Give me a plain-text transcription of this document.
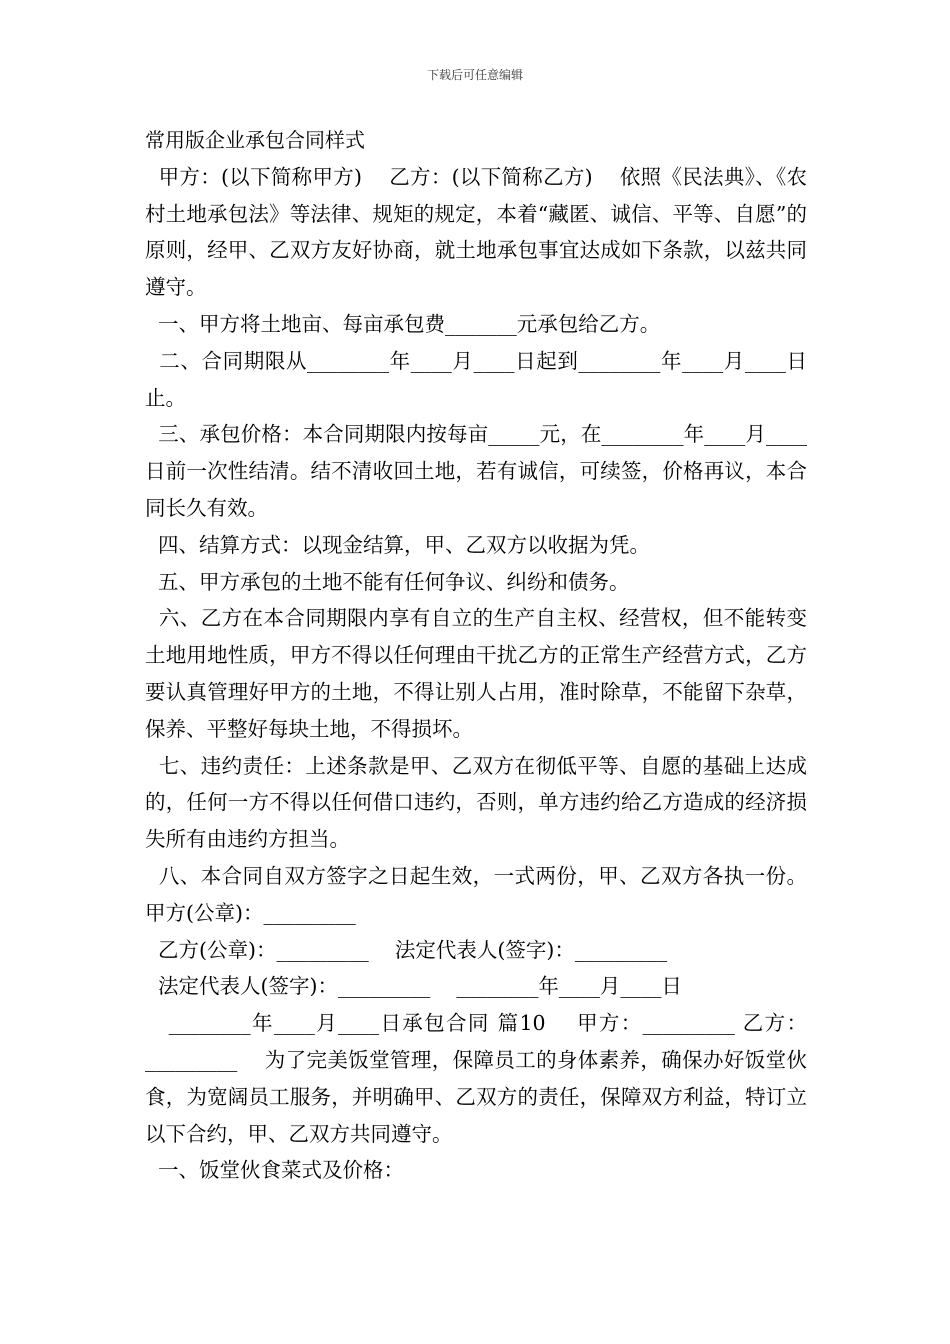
下载后可任意编辑

常用版企业承包合同样式

甲方：(以下简称甲方)    乙方：(以下简称乙方)    依照《民法典》、《农村土地承包法》等法律、规矩的规定，本着“藏匿、诚信、平等、自愿”的原则，经甲、乙双方友好协商，就土地承包事宜达成如下条款，以兹共同遵守。

一、甲方将土地亩、每亩承包费_______元承包给乙方。

二、合同期限从________年____月____日起到________年____月____日止。

三、承包价格：本合同期限内按每亩_____元，在________年____月____日前一次性结清。结不清收回土地，若有诚信，可续签，价格再议，本合同长久有效。

四、结算方式：以现金结算，甲、乙双方以收据为凭。

五、甲方承包的土地不能有任何争议、纠纷和债务。

六、乙方在本合同期限内享有自立的生产自主权、经营权，但不能转变土地用地性质，甲方不得以任何理由干扰乙方的正常生产经营方式，乙方要认真管理好甲方的土地，不得让别人占用，准时除草，不能留下杂草，保养、平整好每块土地，不得损坏。

七、违约责任：上述条款是甲、乙双方在彻低平等、自愿的基础上达成的，任何一方不得以任何借口违约，否则，单方违约给乙方造成的经济损失所有由违约方担当。

八、本合同自双方签字之日起生效，一式两份，甲、乙双方各执一份。    甲方(公章)：_________

乙方(公章)：_________    法定代表人(签字)：_________

法定代表人(签字)：_________    ________年____月____日

________年____月____日承包合同 篇10    甲方：_________ 乙方：_________    为了完美饭堂管理，保障员工的身体素养，确保办好饭堂伙食，为宽阔员工服务，并明确甲、乙双方的责任，保障双方利益，特订立以下合约，甲、乙双方共同遵守。

一、饭堂伙食菜式及价格：
